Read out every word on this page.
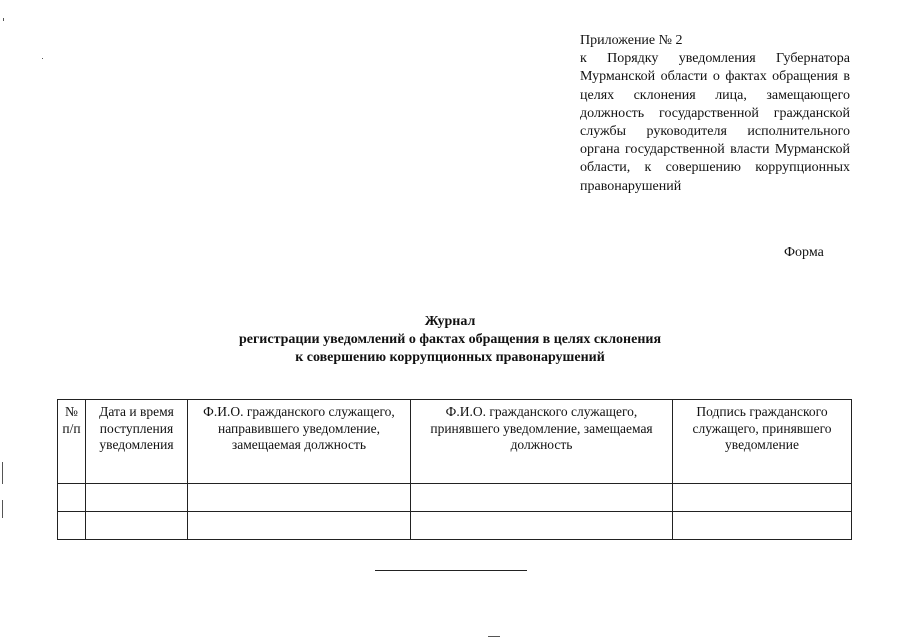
Приложение № 2
к Порядку уведомления Губернатора Мурманской области о фактах обращения в целях склонения лица, замещающего должность государственной гражданской службы руководителя исполнительного органа государственной власти Мурманской области, к совершению коррупционных правонарушений
Форма
Журнал
регистрации уведомлений о фактах обращения в целях склонения
к совершению коррупционных правонарушений
№ п/п	Дата и время поступления уведомления	Ф.И.О. гражданского служащего, направившего уведомление, замещаемая должность	Ф.И.О. гражданского служащего, принявшего уведомление, замещаемая должность	Подпись гражданского служащего, принявшего уведомление
